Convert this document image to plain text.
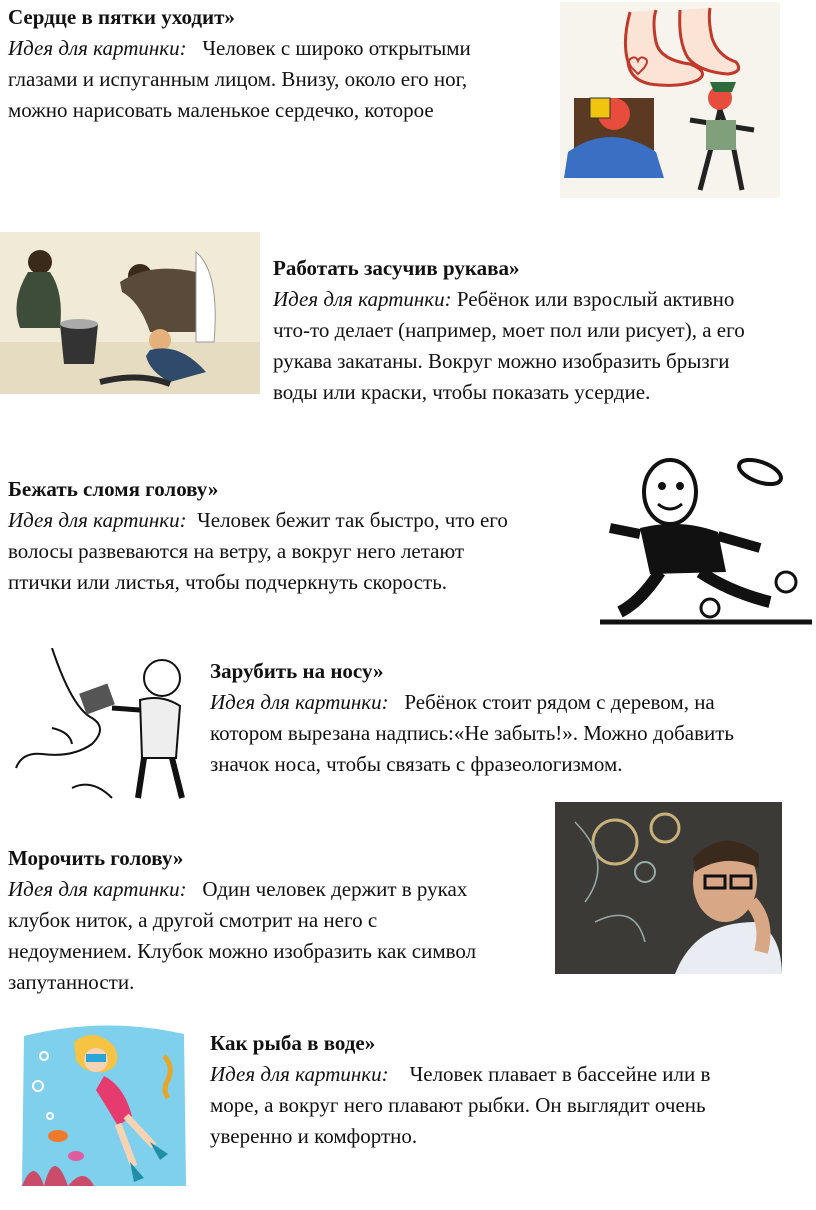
Сердце в пятки уходит»

Идея для картинки: Человек с широко открытыми

глазами и испуганным лицом. Внизу, около его ног,

можно нарисовать маленькое сердечко, которое

Работать засучив рукава»

Идея для картинки: Ребёнок или взрослый активно

что-то делает (например, моет пол или рисует), а его

рукава закатаны. Вокруг можно изобразить брызги

воды или краски, чтобы показать усердие.

Бежать сломя голову»

Идея для картинки: Человек бежит так быстро, что его

волосы развеваются на ветру, а вокруг него летают

птички или листья, чтобы подчеркнуть скорость.

Зарубить на носу»

Идея для картинки: Ребёнок стоит рядом с деревом, на

котором вырезана надпись:«Не забыть!». Можно добавить

значок носа, чтобы связать с фразеологизмом.

Морочить голову»

Идея для картинки: Один человек держит в руках

клубок ниток, а другой смотрит на него с

недоумением. Клубок можно изобразить как символ

запутанности.

Как рыба в воде»

Идея для картинки: Человек плавает в бассейне или в

море, а вокруг него плавают рыбки. Он выглядит очень

уверенно и комфортно.
